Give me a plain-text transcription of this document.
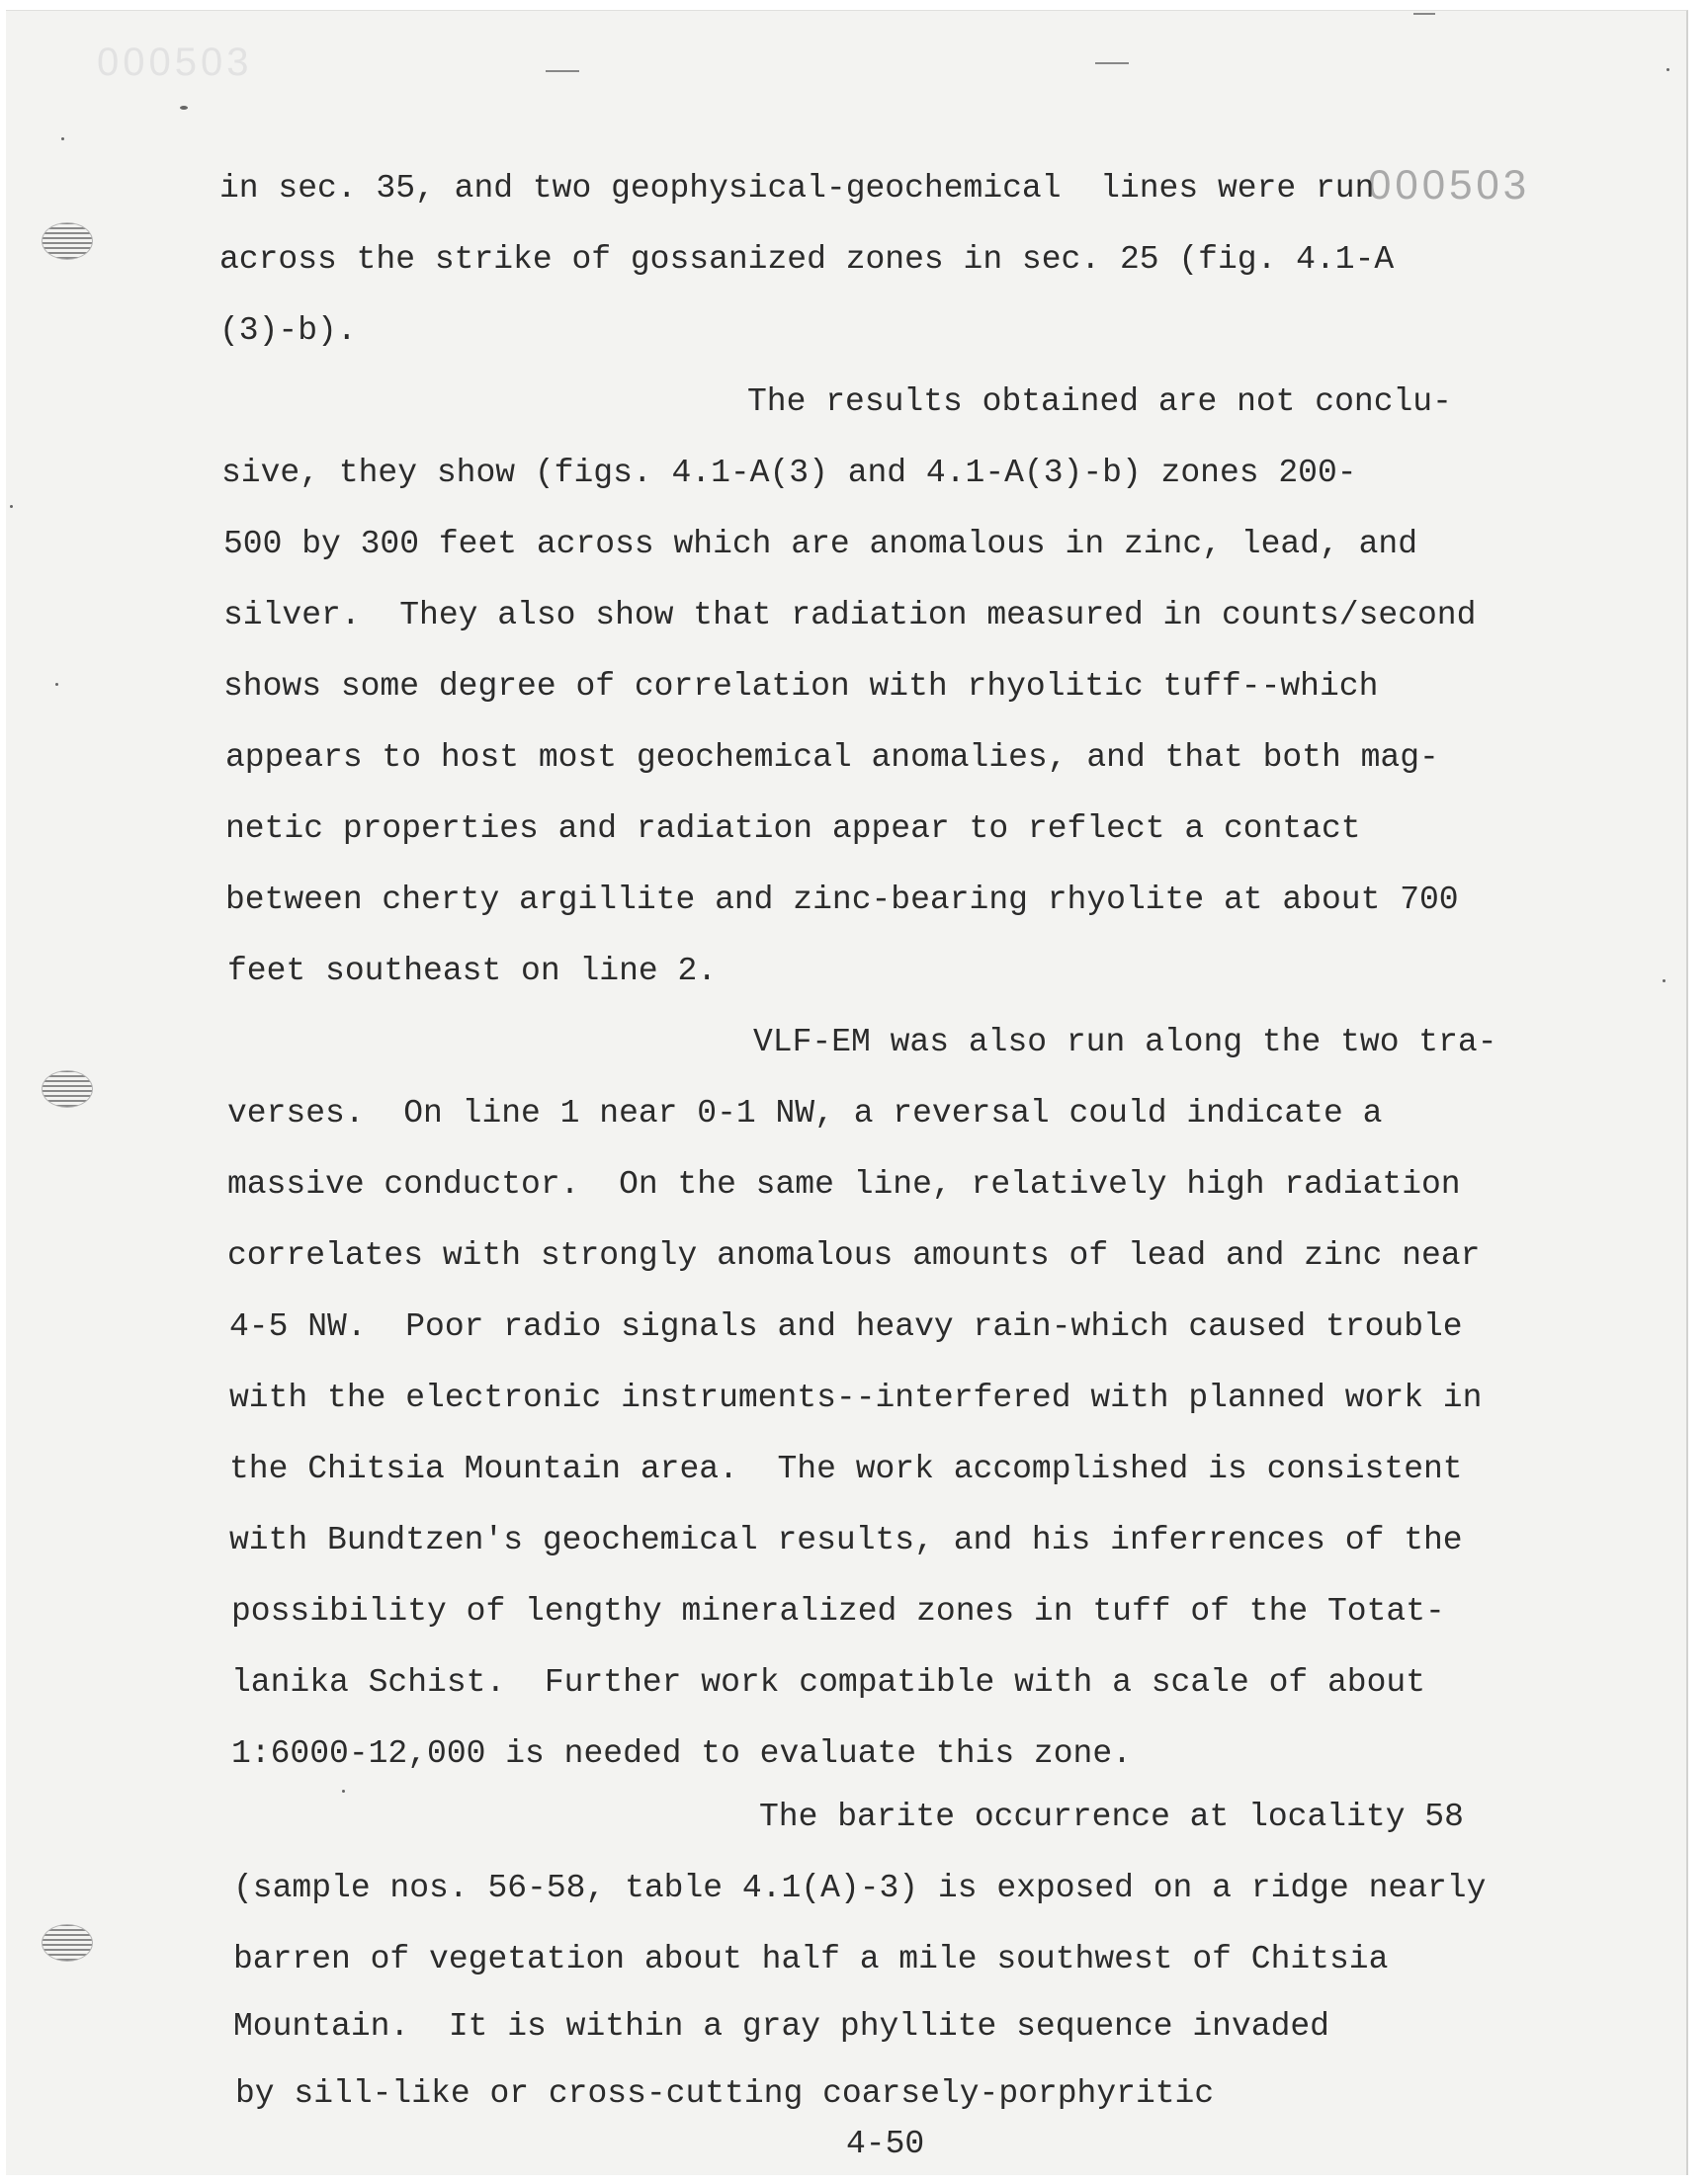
000503
000503
in sec. 35, and two geophysical-geochemical  lines were run
across the strike of gossanized zones in sec. 25 (fig. 4.1-A
(3)-b).
The results obtained are not conclu-
sive, they show (figs. 4.1-A(3) and 4.1-A(3)-b) zones 200-
500 by 300 feet across which are anomalous in zinc, lead, and
silver.  They also show that radiation measured in counts/second
shows some degree of correlation with rhyolitic tuff--which
appears to host most geochemical anomalies, and that both mag-
netic properties and radiation appear to reflect a contact
between cherty argillite and zinc-bearing rhyolite at about 700
feet southeast on line 2.
VLF-EM was also run along the two tra-
verses.  On line 1 near 0-1 NW, a reversal could indicate a
massive conductor.  On the same line, relatively high radiation
correlates with strongly anomalous amounts of lead and zinc near
4-5 NW.  Poor radio signals and heavy rain-which caused trouble
with the electronic instruments--interfered with planned work in
the Chitsia Mountain area.  The work accomplished is consistent
with Bundtzen's geochemical results, and his inferrences of the
possibility of lengthy mineralized zones in tuff of the Totat-
lanika Schist.  Further work compatible with a scale of about
1:6000-12,000 is needed to evaluate this zone.
The barite occurrence at locality 58
(sample nos. 56-58, table 4.1(A)-3) is exposed on a ridge nearly
barren of vegetation about half a mile southwest of Chitsia
Mountain.  It is within a gray phyllite sequence invaded
by sill-like or cross-cutting coarsely-porphyritic
4-50
